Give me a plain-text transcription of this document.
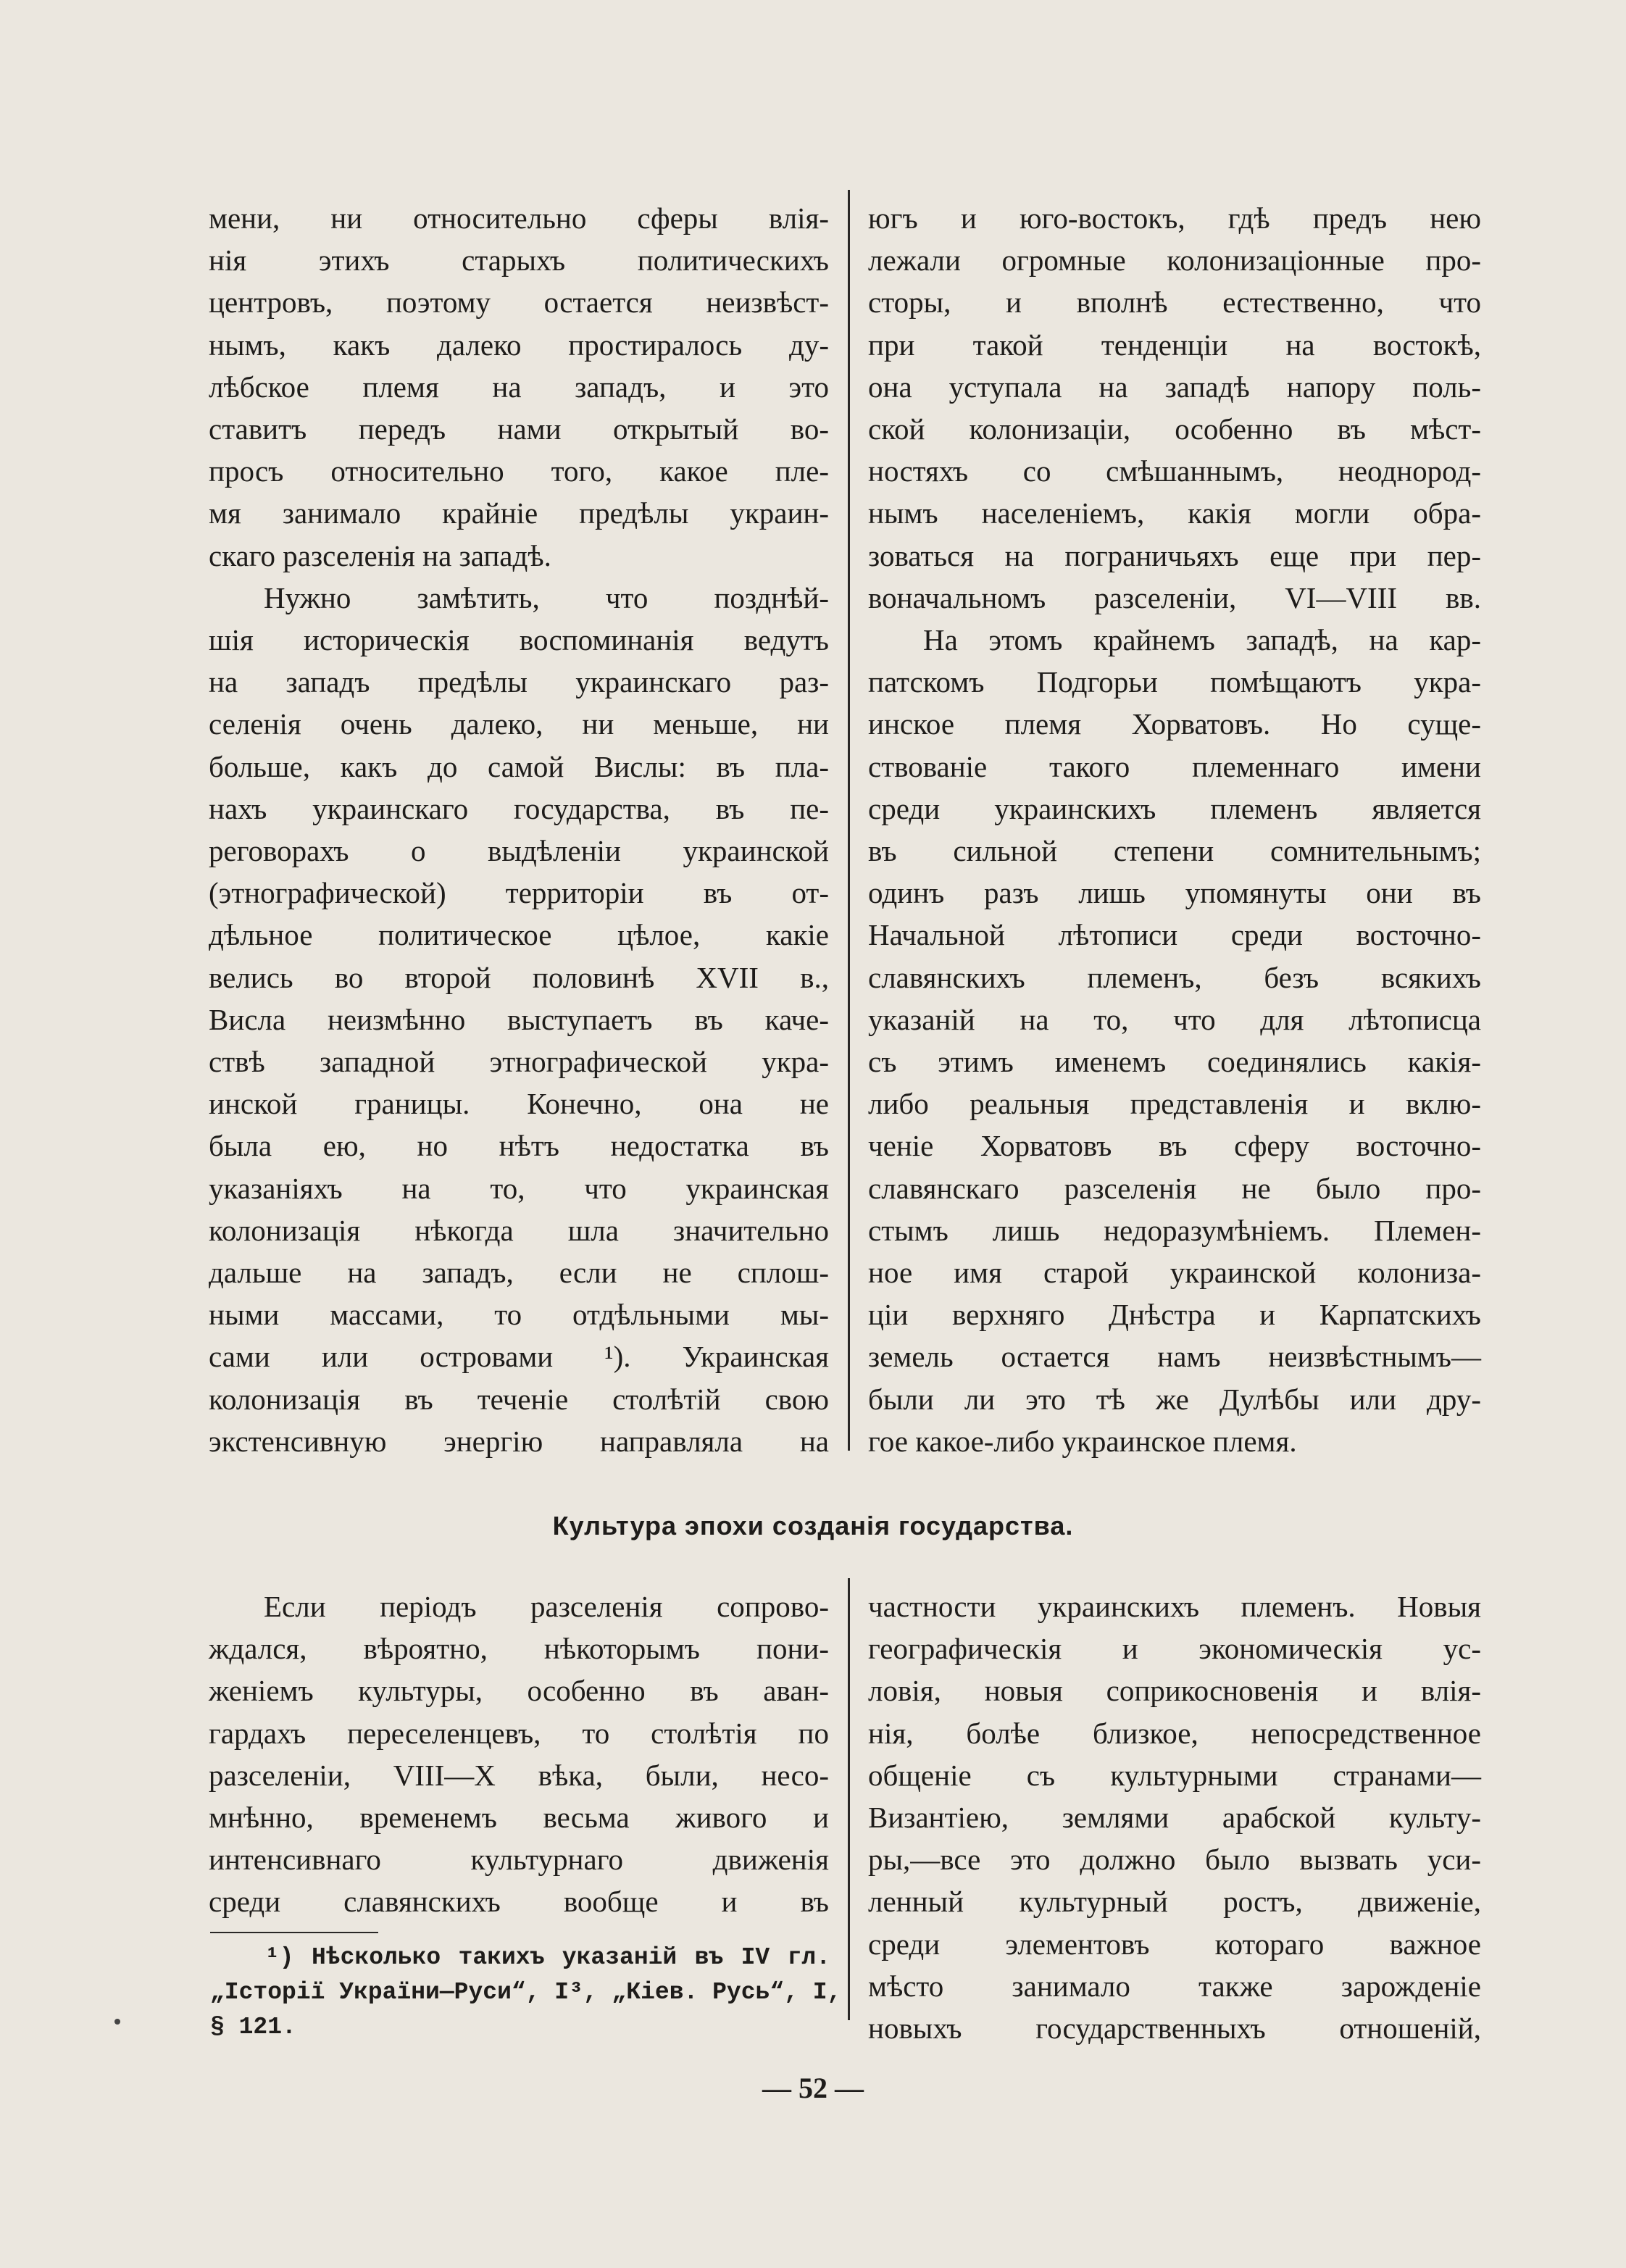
мени, ни относительно сферы влія-
нія этихъ старыхъ политическихъ
центровъ, поэтому остается неизвѣст-
нымъ, какъ далеко простиралось ду-
лѣбское племя на западъ, и это
ставитъ передъ нами открытый во-
просъ относительно того, какое пле-
мя занимало крайніе предѣлы украин-
скаго разселенія на западѣ.
Нужно замѣтить, что позднѣй-
шія историческія воспоминанія ведутъ
на западъ предѣлы украинскаго раз-
селенія очень далеко, ни меньше, ни
больше, какъ до самой Вислы: въ пла-
нахъ украинскаго государства, въ пе-
реговорахъ о выдѣленіи украинской
(этнографической) территоріи въ от-
дѣльное политическое цѣлое, какіе
велись во второй половинѣ XVII в.,
Висла неизмѣнно выступаетъ въ каче-
ствѣ западной этнографической укра-
инской границы. Конечно, она не
была ею, но нѣтъ недостатка въ
указаніяхъ на то, что украинская
колонизація нѣкогда шла значительно
дальше на западъ, если не сплош-
ными массами, то отдѣльными мы-
сами или островами ¹). Украинская
колонизація въ теченіе столѣтій свою
экстенсивную энергію направляла на
югъ и юго-востокъ, гдѣ предъ нею
лежали огромные колонизаціонные про-
сторы, и вполнѣ естественно, что
при такой тенденціи на востокѣ,
она уступала на западѣ напору поль-
ской колонизаціи, особенно въ мѣст-
ностяхъ со смѣшаннымъ, неоднород-
нымъ населеніемъ, какія могли обра-
зоваться на пограничьяхъ еще при пер-
воначальномъ разселеніи, VI—VIII вв.
На этомъ крайнемъ западѣ, на кар-
патскомъ Подгорьи помѣщаютъ укра-
инское племя Хорватовъ. Но суще-
ствованіе такого племеннаго имени
среди украинскихъ племенъ является
въ сильной степени сомнительнымъ;
одинъ разъ лишь упомянуты они въ
Начальной лѣтописи среди восточно-
славянскихъ племенъ, безъ всякихъ
указаній на то, что для лѣтописца
съ этимъ именемъ соединялись какія-
либо реальныя представленія и вклю-
ченіе Хорватовъ въ сферу восточно-
славянскаго разселенія не было про-
стымъ лишь недоразумѣніемъ. Племен-
ное имя старой украинской колониза-
ціи верхняго Днѣстра и Карпатскихъ
земель остается намъ неизвѣстнымъ—
были ли это тѣ же Дулѣбы или дру-
гое какое-либо украинское племя.
Культура эпохи созданія государства.
Если періодъ разселенія сопрово-
ждался, вѣроятно, нѣкоторымъ пони-
женіемъ культуры, особенно въ аван-
гардахъ переселенцевъ, то столѣтія по
разселеніи, VIII—X вѣка, были, несо-
мнѣнно, временемъ весьма живого и
интенсивнаго культурнаго движенія
среди славянскихъ вообще и въ
частности украинскихъ племенъ. Новыя
географическія и экономическія ус-
ловія, новыя соприкосновенія и влія-
нія, болѣе близкое, непосредственное
общеніе съ культурными странами—
Византіею, землями арабской культу-
ры,—все это должно было вызвать уси-
ленный культурный ростъ, движеніе,
среди элементовъ котораго важное
мѣсто занимало также зарожденіе
новыхъ государственныхъ отношеній,
¹) Нѣсколько такихъ указаній въ IV гл.
„Історії України—Руси“, I³, „Кіев. Русь“, I,
§ 121.
— 52 —
